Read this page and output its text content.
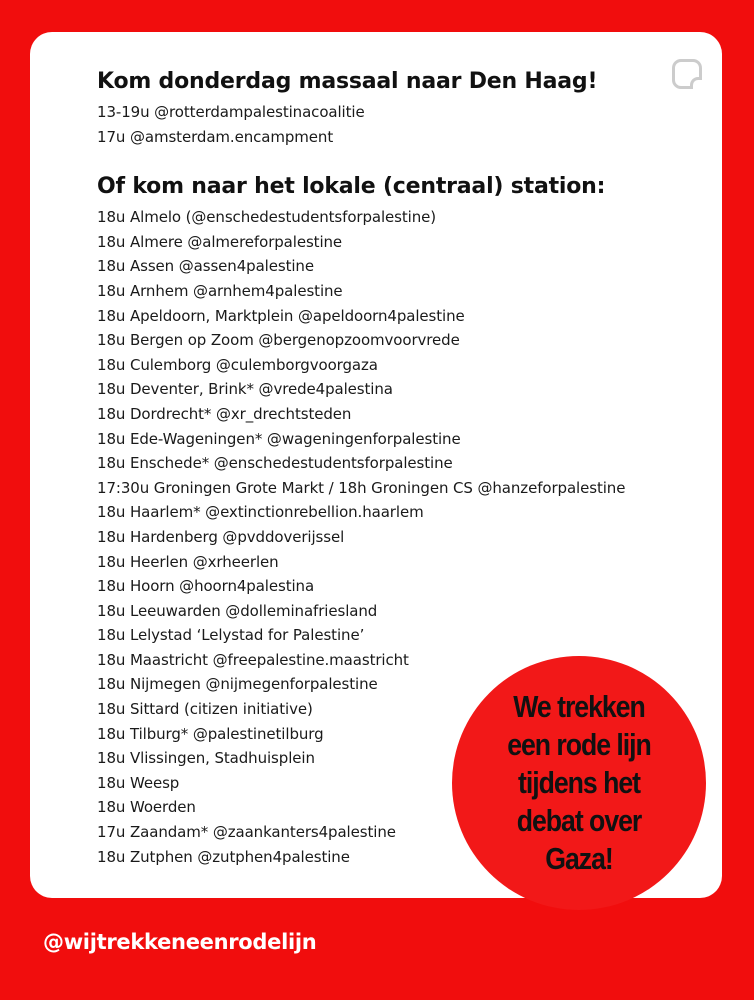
Kom donderdag massaal naar Den Haag!
13-19u @rotterdampalestinacoalitie
17u @amsterdam.encampment
Of kom naar het lokale (centraal) station:
18u Almelo (@enschedestudentsforpalestine)
18u Almere @almereforpalestine
18u Assen @assen4palestine
18u Arnhem @arnhem4palestine
18u Apeldoorn, Marktplein @apeldoorn4palestine
18u Bergen op Zoom @bergenopzoomvoorvrede
18u Culemborg @culemborgvoorgaza
18u Deventer, Brink* @vrede4palestina
18u Dordrecht* @xr_drechtsteden
18u Ede-Wageningen* @wageningenforpalestine
18u Enschede* @enschedestudentsforpalestine
17:30u Groningen Grote Markt / 18h Groningen CS @hanzeforpalestine
18u Haarlem* @extinctionrebellion.haarlem
18u Hardenberg @pvddoverijssel
18u Heerlen @xrheerlen
18u Hoorn @hoorn4palestina
18u Leeuwarden @dolleminafriesland
18u Lelystad ‘Lelystad for Palestine’
18u Maastricht @freepalestine.maastricht
18u Nijmegen @nijmegenforpalestine
18u Sittard (citizen initiative)
18u Tilburg* @palestinetilburg
18u Vlissingen, Stadhuisplein
18u Weesp
18u Woerden
17u Zaandam* @zaankanters4palestine
18u Zutphen @zutphen4palestine
We trekken een rode lijn tijdens het debat over Gaza!
@wijtrekkeneenrodelijn
